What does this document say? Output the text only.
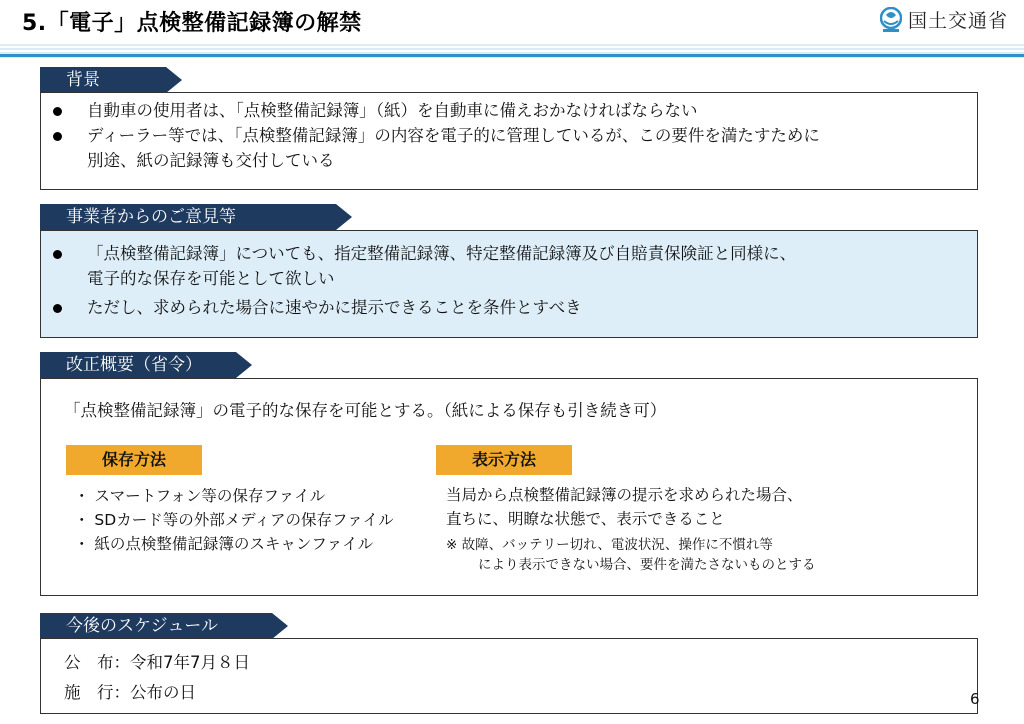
5.「電子」点検整備記録簿の解禁	国土交通省
背景
自動車の使用者は、「点検整備記録簿」（紙）を自動車に備えおかなければならない
ディーラー等では、「点検整備記録簿」の内容を電子的に管理しているが、この要件を満たすために
別途、紙の記録簿も交付している
事業者からのご意見等
「点検整備記録簿」についても、指定整備記録簿、特定整備記録簿及び自賠責保険証と同様に、
電子的な保存を可能として欲しい
ただし、求められた場合に速やかに提示できることを条件とすべき
改正概要（省令）
「点検整備記録簿」の電子的な保存を可能とする。（紙による保存も引き続き可）
保存方法
・ スマートフォン等の保存ファイル
・ SDカード等の外部メディアの保存ファイル
・ 紙の点検整備記録簿のスキャンファイル
表示方法
当局から点検整備記録簿の提示を求められた場合、
直ちに、明瞭な状態で、表示できること
※ 故障、バッテリー切れ、電波状況、操作に不慣れ等
により表示できない場合、要件を満たさないものとする
今後のスケジュール
公　布：令和7年7月８日
施　行：公布の日	6
